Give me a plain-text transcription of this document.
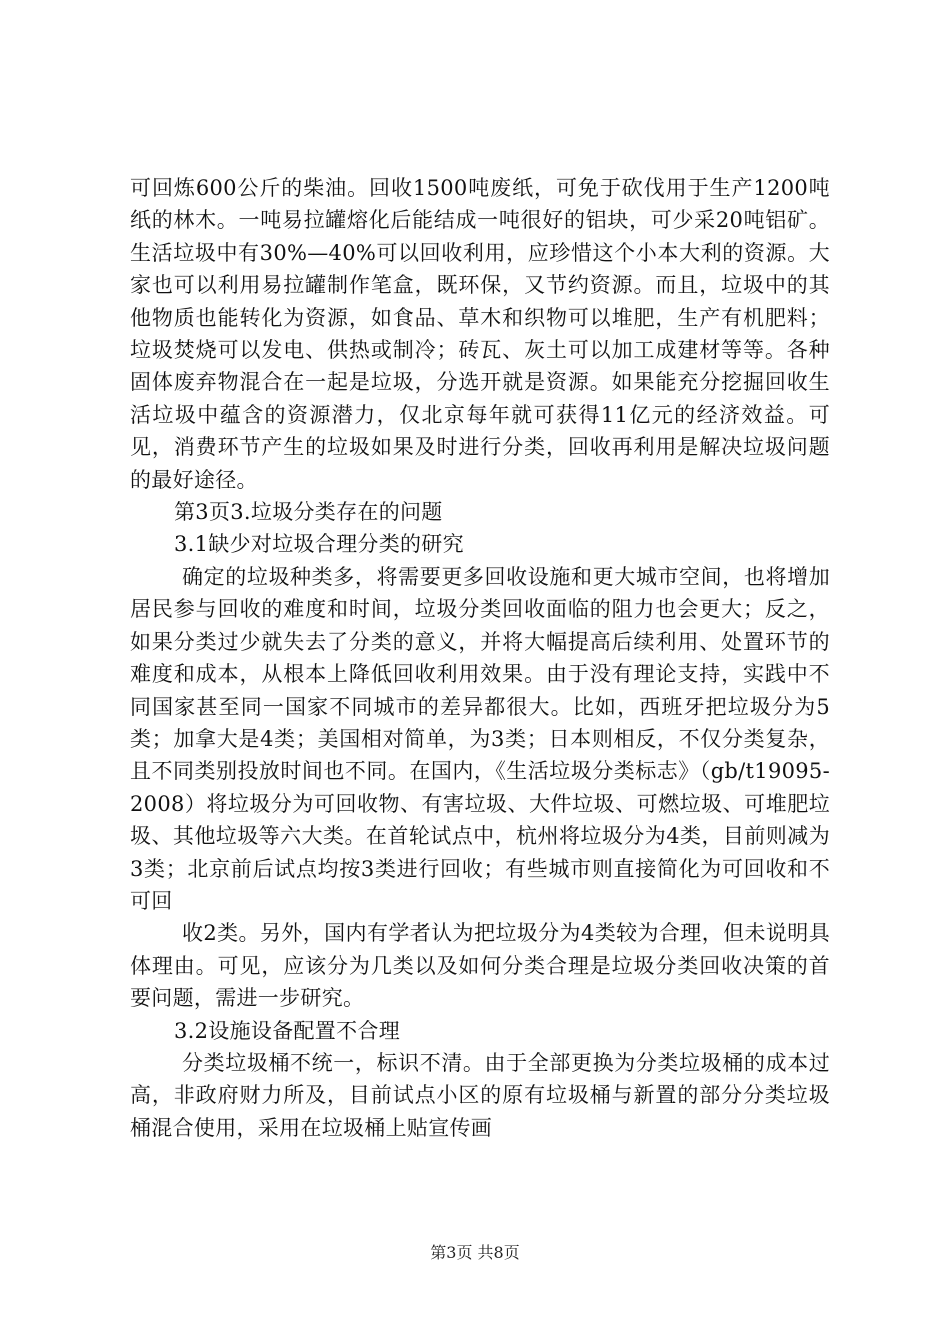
可回炼600公斤的柴油。回收1500吨废纸，可免于砍伐用于生产1200吨纸的林木。一吨易拉罐熔化后能结成一吨很好的铝块，可少采20吨铝矿。生活垃圾中有30%—40%可以回收利用，应珍惜这个小本大利的资源。大家也可以利用易拉罐制作笔盒，既环保，又节约资源。而且，垃圾中的其他物质也能转化为资源，如食品、草木和织物可以堆肥，生产有机肥料；垃圾焚烧可以发电、供热或制冷；砖瓦、灰土可以加工成建材等等。各种固体废弃物混合在一起是垃圾，分选开就是资源。如果能充分挖掘回收生活垃圾中蕴含的资源潜力，仅北京每年就可获得11亿元的经济效益。可见，消费环节产生的垃圾如果及时进行分类，回收再利用是解决垃圾问题的最好途径。

第3页3.垃圾分类存在的问题

3.1缺少对垃圾合理分类的研究

确定的垃圾种类多，将需要更多回收设施和更大城市空间，也将增加居民参与回收的难度和时间，垃圾分类回收面临的阻力也会更大；反之，如果分类过少就失去了分类的意义，并将大幅提高后续利用、处置环节的难度和成本，从根本上降低回收利用效果。由于没有理论支持，实践中不同国家甚至同一国家不同城市的差异都很大。比如，西班牙把垃圾分为5类；加拿大是4类；美国相对简单，为3类；日本则相反，不仅分类复杂，且不同类别投放时间也不同。在国内，《生活垃圾分类标志》（gb/t19095-2008）将垃圾分为可回收物、有害垃圾、大件垃圾、可燃垃圾、可堆肥垃圾、其他垃圾等六大类。在首轮试点中，杭州将垃圾分为4类，目前则减为3类；北京前后试点均按3类进行回收；有些城市则直接简化为可回收和不可回

收2类。另外，国内有学者认为把垃圾分为4类较为合理，但未说明具体理由。可见，应该分为几类以及如何分类合理是垃圾分类回收决策的首要问题，需进一步研究。

3.2设施设备配置不合理

分类垃圾桶不统一，标识不清。由于全部更换为分类垃圾桶的成本过高，非政府财力所及，目前试点小区的原有垃圾桶与新置的部分分类垃圾桶混合使用，采用在垃圾桶上贴宣传画

第3页 共8页
